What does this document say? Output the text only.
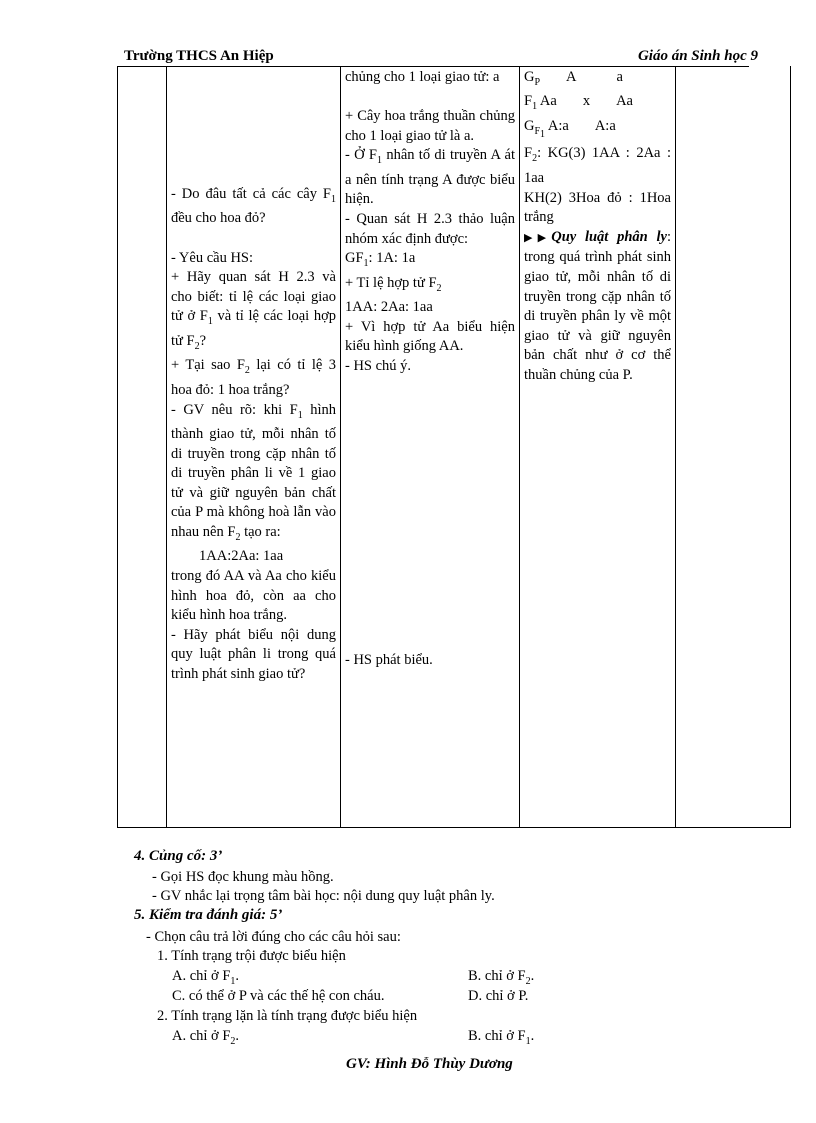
Trường THCS An Hiệp	Giáo án Sinh học 9

- Do đâu tất cả các cây $F_1$ đều cho hoa đỏ?
- Yêu cầu HS:
+ Hãy quan sát H 2.3 và cho biết: tỉ lệ các loại giao tử ở $F_1$ và tỉ lệ các loại hợp tử $F_2$?
+ Tại sao $F_2$ lại có tỉ lệ 3 hoa đỏ: 1 hoa trắng?
- GV nêu rõ: khi $F_1$ hình thành giao tử, mỗi nhân tố di truyền trong cặp nhân tố di truyền phân li về 1 giao tử và giữ nguyên bản chất của P mà không hoà lẫn vào nhau nên $F_2$ tạo ra:
1AA:2Aa: 1aa
trong đó AA và Aa cho kiểu hình hoa đỏ, còn aa cho kiểu hình hoa trắng.
- Hãy phát biểu nội dung quy luật phân li trong quá trình phát sinh giao tử?

chủng cho 1 loại giao tử: a
+ Cây hoa trắng thuần chủng cho 1 loại giao tử là a.
- Ở $F_1$ nhân tố di truyền A át a nên tính trạng A được biểu hiện.
- Quan sát H 2.3 thảo luận nhóm xác định được:
$GF_1$: 1A: 1a
+ Tỉ lệ hợp tử $F_2$
1AA: 2Aa: 1aa
+ Vì hợp tử Aa biểu hiện kiểu hình giống AA.
- HS chú ý.
- HS phát biểu.

$G_P$ A	a
$F_1$ Aa x Aa
$G_{F_1}$ A:a A:a
$F_2$: KG(3) 1AA : 2Aa : 1aa
KH(2) 3Hoa đỏ : 1Hoa trắng
▶▶Quy luật phân ly: trong quá trình phát sinh giao tử, mỗi nhân tố di truyền trong cặp nhân tố di truyền phân ly về một giao tử và giữ nguyên bản chất như ở cơ thể thuần chủng của P.

4. Củng cố: 3’
- Gọi HS đọc khung màu hồng.
- GV nhắc lại trọng tâm bài học: nội dung quy luật phân ly.
5. Kiểm tra đánh giá: 5’
- Chọn câu trả lời đúng cho các câu hỏi sau:
1. Tính trạng trội được biểu hiện
A. chỉ ở $F_1$.	B. chỉ ở $F_2$.
C. có thể ở P và các thế hệ con cháu.	D. chỉ ở P.
2. Tính trạng lặn là tính trạng được biểu hiện
A. chỉ ở $F_2$.	B. chỉ ở $F_1$.
GV: Hình Đỗ Thùy Dương
